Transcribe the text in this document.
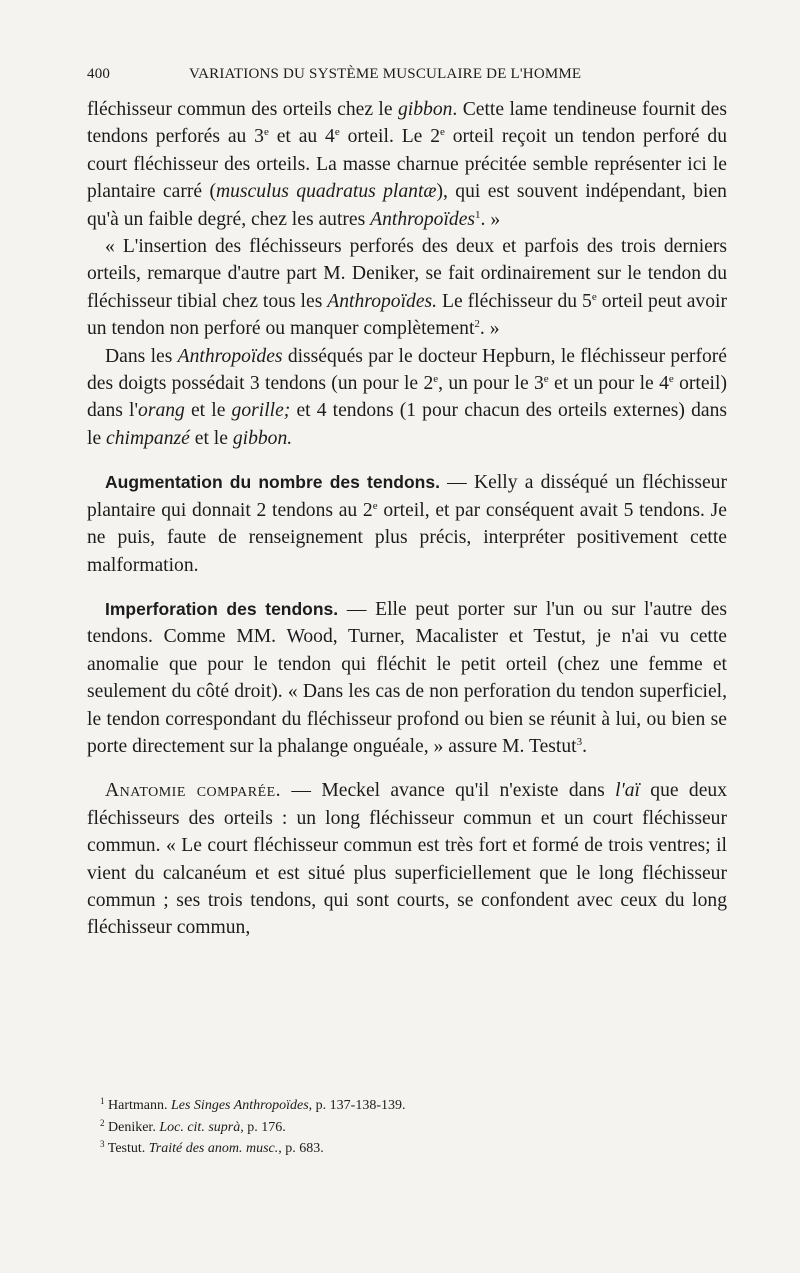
400	VARIATIONS DU SYSTÈME MUSCULAIRE DE L'HOMME

fléchisseur commun des orteils chez le gibbon. Cette lame tendineuse fournit des tendons perforés au 3e et au 4e orteil. Le 2e orteil reçoit un tendon perforé du court fléchisseur des orteils. La masse charnue précitée semble représenter ici le plantaire carré (musculus quadratus plantæ), qui est souvent indépendant, bien qu'à un faible degré, chez les autres Anthropoïdes$^1$. »

« L'insertion des fléchisseurs perforés des deux et parfois des trois derniers orteils, remarque d'autre part M. Deniker, se fait ordinairement sur le tendon du fléchisseur tibial chez tous les Anthropoïdes. Le fléchisseur du 5e orteil peut avoir un tendon non perforé ou manquer complètement$^2$. »

Dans les Anthropoïdes disséqués par le docteur Hepburn, le fléchisseur perforé des doigts possédait 3 tendons (un pour le 2e, un pour le 3e et un pour le 4e orteil) dans l'orang et le gorille; et 4 tendons (1 pour chacun des orteils externes) dans le chimpanzé et le gibbon.

Augmentation du nombre des tendons. — Kelly a disséqué un fléchisseur plantaire qui donnait 2 tendons au 2e orteil, et par conséquent avait 5 tendons. Je ne puis, faute de renseignement plus précis, interpréter positivement cette malformation.

Imperforation des tendons. — Elle peut porter sur l'un ou sur l'autre des tendons. Comme MM. Wood, Turner, Macalister et Testut, je n'ai vu cette anomalie que pour le tendon qui fléchit le petit orteil (chez une femme et seulement du côté droit). « Dans les cas de non perforation du tendon superficiel, le tendon correspondant du fléchisseur profond ou bien se réunit à lui, ou bien se porte directement sur la phalange onguéale, » assure M. Testut$^3$.

Anatomie comparée. — Meckel avance qu'il n'existe dans l'aï que deux fléchisseurs des orteils : un long fléchisseur commun et un court fléchisseur commun. « Le court fléchisseur commun est très fort et formé de trois ventres; il vient du calcanéum et est situé plus superficiellement que le long fléchisseur commun ; ses trois tendons, qui sont courts, se confondent avec ceux du long fléchisseur commun,

$^1$ Hartmann. Les Singes Anthropoïdes, p. 137-138-139.
$^2$ Deniker. Loc. cit. suprà, p. 176.
$^3$ Testut. Traité des anom. musc., p. 683.
